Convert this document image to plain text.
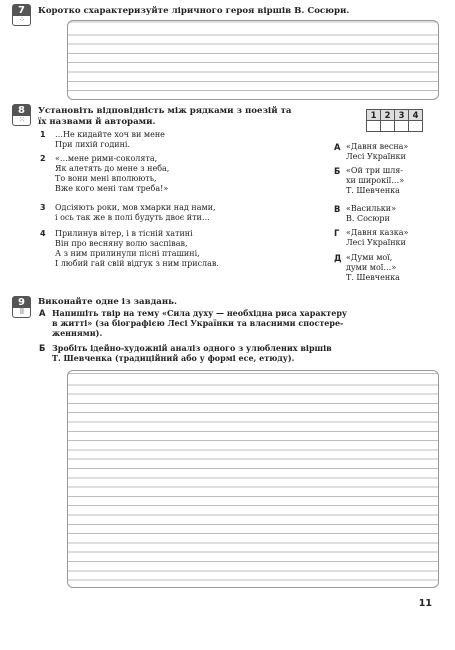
7
⁘
Коротко схарактеризуйте ліричного героя віршів В. Сосюри.
8
⁙
Установіть відповідність між рядками з поезій та
їх назвами й авторами.
1	2	3	4

1 …Не кидайте хоч ви мене
При лихій годині.
2 «…мене рими-соколята,
Як алетять до мене з неба,
То вони мені вполюють,
Вже кого мені там треба!»
3 Одсіяють роки, мов хмарки над нами,
і ось так же в полі будуть двоє йти…
4 Прилинув вітер, і в тісній хатині
Він про весняну волю заспівав,
А з ним прилинули пісні пташині,
І любий гай свій відгук з ним прислав.
А «Давня весна»
Лесі Українки
Б «Ой три шля-
хи широкії…»
Т. Шевченка
В «Васильки»
В. Сосюри
Г «Давня казка»
Лесі Українки
Д «Думи мої,
думи мої…»
Т. Шевченка
9
⠿
Виконайте одне із завдань.
А Напишіть твір на тему «Сила духу — необхідна риса характеру
в житті» (за біографією Лесі Українки та власними спостере-
женнями).
Б Зробіть ідейно-художній аналіз одного з улюблених віршів
Т. Шевченка (традиційний або у формі есе, етюду).
11
